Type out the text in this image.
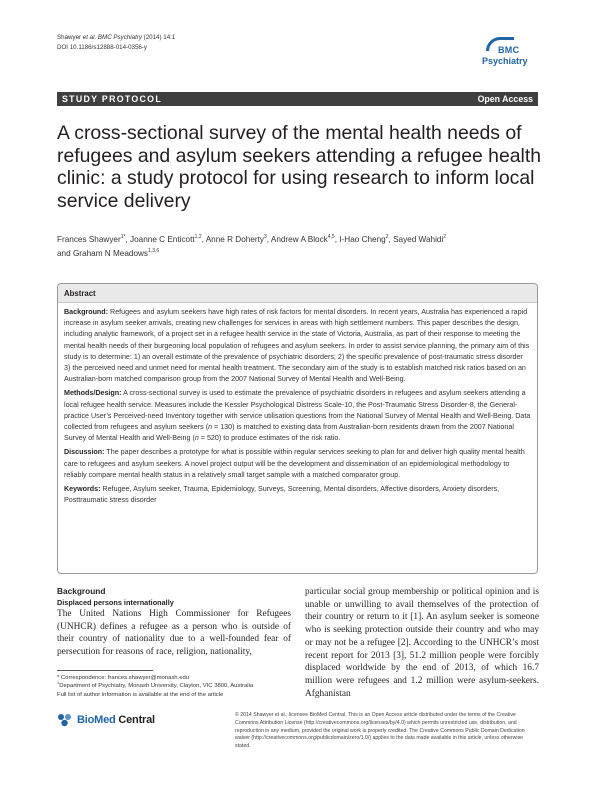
Shawyer et al. BMC Psychiatry (2014) 14:1
DOI 10.1186/s12888-014-0356-y	BMC
Psychiatry
STUDY PROTOCOL	Open Access
A cross-sectional survey of the mental health needs of refugees and asylum seekers attending a refugee health clinic: a study protocol for using research to inform local service delivery
Frances Shawyer$^{1*}$, Joanne C Enticott$^{1,2}$, Anne R Doherty$^3$, Andrew A Block$^{4,5}$, I-Hao Cheng$^2$, Sayed Wahidi$^2$
and Graham N Meadows$^{1,3,6}$
Abstract

Background: Refugees and asylum seekers have high rates of risk factors for mental disorders. In recent years, Australia has experienced a rapid increase in asylum seeker arrivals, creating new challenges for services in areas with high settlement numbers. This paper describes the design, including analytic framework, of a project set in a refugee health service in the state of Victoria, Australia, as part of their response to meeting the mental health needs of their burgeoning local population of refugees and asylum seekers. In order to assist service planning, the primary aim of this study is to determine: 1) an overall estimate of the prevalence of psychiatric disorders; 2) the specific prevalence of post-traumatic stress disorder 3) the perceived need and unmet need for mental health treatment. The secondary aim of the study is to establish matched risk ratios based on an Australian-born matched comparison group from the 2007 National Survey of Mental Health and Well-Being.

Methods/Design: A cross-sectional survey is used to estimate the prevalence of psychiatric disorders in refugees and asylum seekers attending a local refugee health service. Measures include the Kessler Psychological Distress Scale-10, the Post-Traumatic Stress Disorder-8, the General-practice User’s Perceived-need Inventory together with service utilisation questions from the National Survey of Mental Health and Well-Being. Data collected from refugees and asylum seekers (n = 130) is matched to existing data from Australian-born residents drawn from the 2007 National Survey of Mental Health and Well-Being (n = 520) to produce estimates of the risk ratio.

Discussion: The paper describes a prototype for what is possible within regular services seeking to plan for and deliver high quality mental health care to refugees and asylum seekers. A novel project output will be the development and dissemination of an epidemiological methodology to reliably compare mental health status in a relatively small target sample with a matched comparator group.

Keywords: Refugee, Asylum seeker, Trauma, Epidemiology, Surveys, Screening, Mental disorders, Affective disorders, Anxiety disorders, Posttraumatic stress disorder

Background
Displaced persons internationally
The United Nations High Commissioner for Refugees (UNHCR) defines a refugee as a person who is outside of their country of nationality due to a well-founded fear of persecution for reasons of race, religion, nationality,
particular social group membership or political opinion and is unable or unwilling to avail themselves of the protection of their country or return to it [1]. An asylum seeker is someone who is seeking protection outside their country and who may or may not be a refugee [2]. According to the UNHCR’s most recent report for 2013 [3], 51.2 million people were forcibly displaced worldwide by the end of 2013, of which 16.7 million were refugees and 1.2 million were asylum-seekers. Afghanistan
* Correspondence: frances.shawyer@monash.edu
$^1$Department of Psychiatry, Monash University, Clayton, VIC 3800, Australia
Full list of author information is available at the end of the article
BioMed Central	© 2014 Shawyer et al.; licensee BioMed Central. This is an Open Access article distributed under the terms of the Creative Commons Attribution License (http://creativecommons.org/licenses/by/4.0) which permits unrestricted use, distribution, and reproduction in any medium, provided the original work is properly credited. The Creative Commons Public Domain Dedication waiver (http://creativecommons.org/publicdomain/zero/1.0/) applies to the data made available in this article, unless otherwise stated.
